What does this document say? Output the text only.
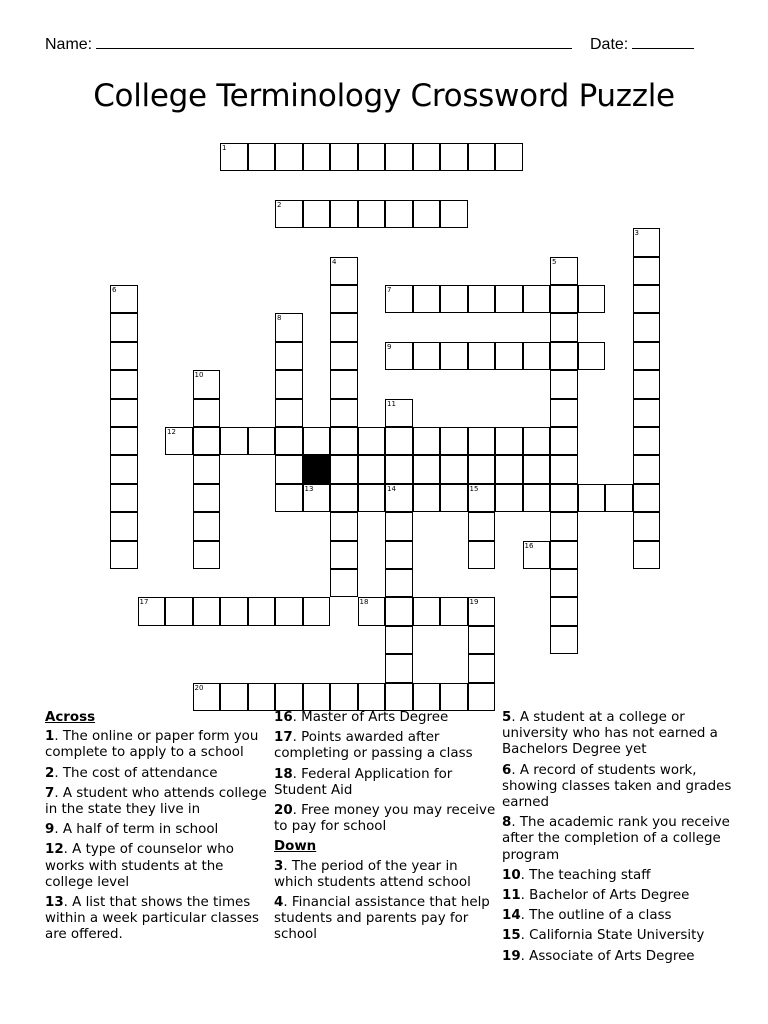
Name:	Date:
College Terminology Crossword Puzzle
1
2
3
4	5
6	7
8
9
10
11
12
13	14	15
16
17	18	19
20
Across
1. The online or paper form you complete to apply to a school
2. The cost of attendance
7. A student who attends college in the state they live in
9. A half of term in school
12. A type of counselor who works with students at the college level
13. A list that shows the times within a week particular classes are offered.
16. Master of Arts Degree
17. Points awarded after completing or passing a class
18. Federal Application for Student Aid
20. Free money you may receive to pay for school
Down
3. The period of the year in which students attend school
4. Financial assistance that help students and parents pay for school
5. A student at a college or university who has not earned a Bachelors Degree yet
6. A record of students work, showing classes taken and grades earned
8. The academic rank you receive after the completion of a college program
10. The teaching staff
11. Bachelor of Arts Degree
14. The outline of a class
15. California State University
19. Associate of Arts Degree
